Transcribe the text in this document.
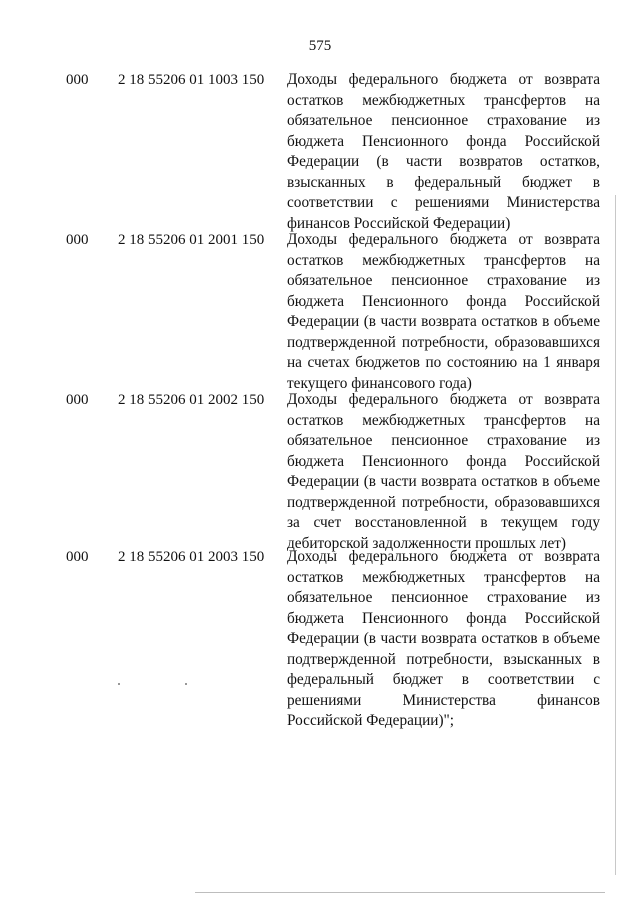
575
000 2 18 55206 01 1003 150 Доходы федерального бюджета от возврата остатков межбюджетных трансфертов на обязательное пенсионное страхование из бюджета Пенсионного фонда Российской Федерации (в части возвратов остатков, взысканных в федеральный бюджет в соответствии с решениями Министерства финансов Российской Федерации)
000 2 18 55206 01 2001 150 Доходы федерального бюджета от возврата остатков межбюджетных трансфертов на обязательное пенсионное страхование из бюджета Пенсионного фонда Российской Федерации (в части возврата остатков в объеме подтвержденной потребности, образовавшихся на счетах бюджетов по состоянию на 1 января текущего финансового года)
000 2 18 55206 01 2002 150 Доходы федерального бюджета от возврата остатков межбюджетных трансфертов на обязательное пенсионное страхование из бюджета Пенсионного фонда Российской Федерации (в части возврата остатков в объеме подтвержденной потребности, образовавшихся за счет восстановленной в текущем году дебиторской задолженности прошлых лет)
000 2 18 55206 01 2003 150 Доходы федерального бюджета от возврата остатков межбюджетных трансфертов на обязательное пенсионное страхование из бюджета Пенсионного фонда Российской Федерации (в части возврата остатков в объеме подтвержденной потребности, взысканных в федеральный бюджет в соответствии с решениями Министерства финансов Российской Федерации)";
